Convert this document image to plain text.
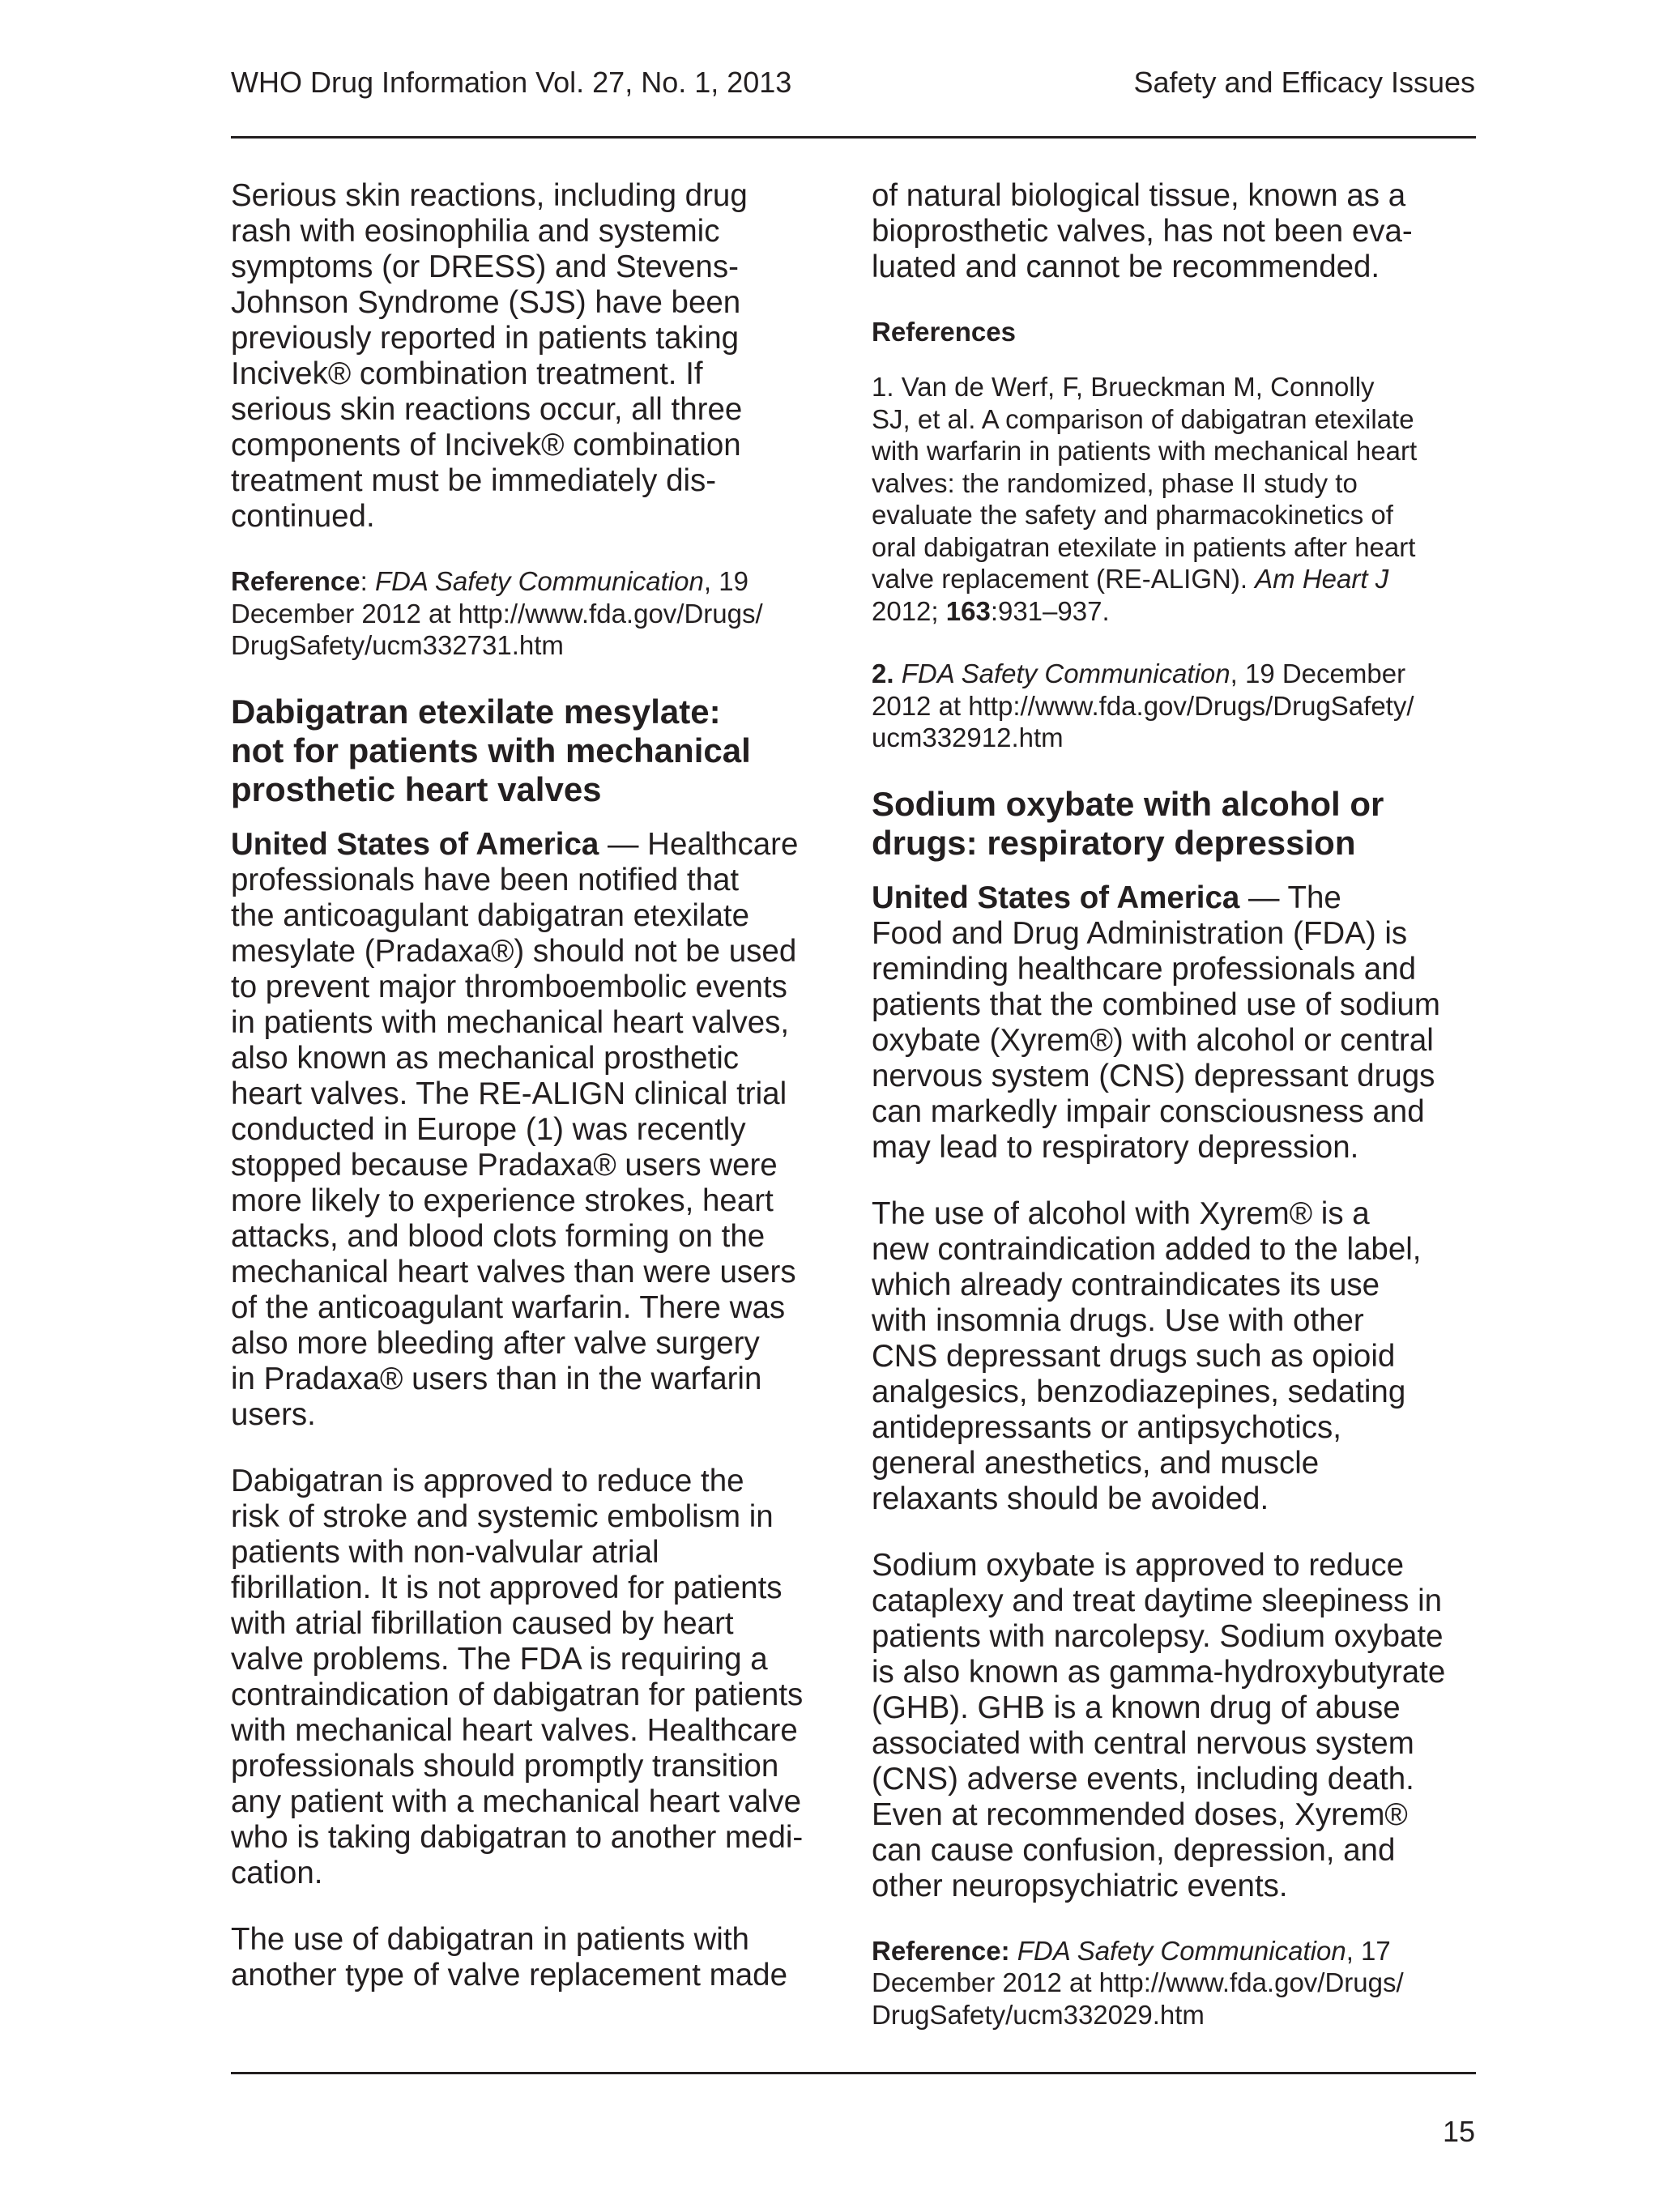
WHO Drug Information Vol. 27, No. 1, 2013	Safety and Efficacy Issues

Serious skin reactions, including drug
rash with eosinophilia and systemic
symptoms (or DRESS) and Stevens-
Johnson Syndrome (SJS) have been
previously reported in patients taking
Incivek® combination treatment. If
serious skin reactions occur, all three
components of Incivek® combination
treatment must be immediately dis-
continued.

Reference: FDA Safety Communication, 19
December 2012 at http://www.fda.gov/Drugs/
DrugSafety/ucm332731.htm

Dabigatran etexilate mesylate:
not for patients with mechanical
prosthetic heart valves

United States of America — Healthcare
professionals have been notified that
the anticoagulant dabigatran etexilate
mesylate (Pradaxa®) should not be used
to prevent major thromboembolic events
in patients with mechanical heart valves,
also known as mechanical prosthetic
heart valves. The RE-ALIGN clinical trial
conducted in Europe (1) was recently
stopped because Pradaxa® users were
more likely to experience strokes, heart
attacks, and blood clots forming on the
mechanical heart valves than were users
of the anticoagulant warfarin. There was
also more bleeding after valve surgery
in Pradaxa® users than in the warfarin
users.

Dabigatran is approved to reduce the
risk of stroke and systemic embolism in
patients with non-valvular atrial
fibrillation. It is not approved for patients
with atrial fibrillation caused by heart
valve problems. The FDA is requiring a
contraindication of dabigatran for patients
with mechanical heart valves. Healthcare
professionals should promptly transition
any patient with a mechanical heart valve
who is taking dabigatran to another medi-
cation.

The use of dabigatran in patients with
another type of valve replacement made

of natural biological tissue, known as a
bioprosthetic valves, has not been eva-
luated and cannot be recommended.

References

1. Van de Werf, F, Brueckman M, Connolly
SJ, et al. A comparison of dabigatran etexilate
with warfarin in patients with mechanical heart
valves: the randomized, phase II study to
evaluate the safety and pharmacokinetics of
oral dabigatran etexilate in patients after heart
valve replacement (RE-ALIGN). Am Heart J
2012; 163:931–937.

2. FDA Safety Communication, 19 December
2012 at http://www.fda.gov/Drugs/DrugSafety/
ucm332912.htm

Sodium oxybate with alcohol or
drugs: respiratory depression

United States of America — The
Food and Drug Administration (FDA) is
reminding healthcare professionals and
patients that the combined use of sodium
oxybate (Xyrem®) with alcohol or central
nervous system (CNS) depressant drugs
can markedly impair consciousness and
may lead to respiratory depression.

The use of alcohol with Xyrem® is a
new contraindication added to the label,
which already contraindicates its use
with insomnia drugs. Use with other
CNS depressant drugs such as opioid
analgesics, benzodiazepines, sedating
antidepressants or antipsychotics,
general anesthetics, and muscle
relaxants should be avoided.

Sodium oxybate is approved to reduce
cataplexy and treat daytime sleepiness in
patients with narcolepsy. Sodium oxybate
is also known as gamma-hydroxybutyrate
(GHB). GHB is a known drug of abuse
associated with central nervous system
(CNS) adverse events, including death.
Even at recommended doses, Xyrem®
can cause confusion, depression, and
other neuropsychiatric events.

Reference: FDA Safety Communication, 17
December 2012 at http://www.fda.gov/Drugs/
DrugSafety/ucm332029.htm

15
